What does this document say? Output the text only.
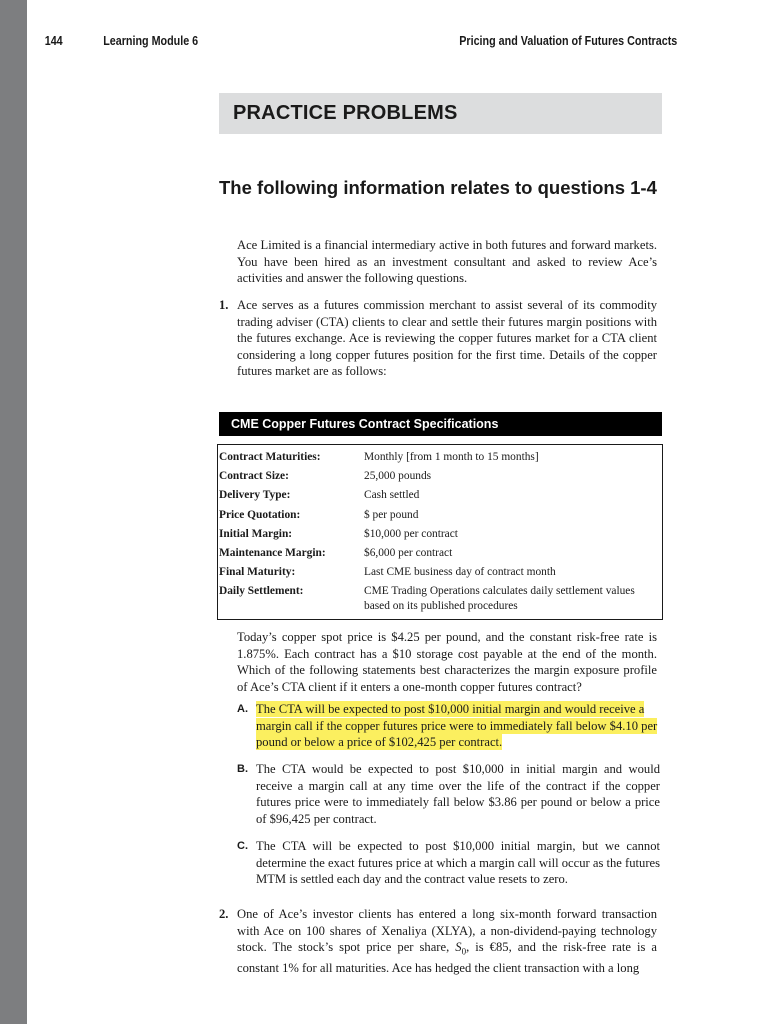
144	Learning Module 6	Pricing and Valuation of Futures Contracts
PRACTICE PROBLEMS
The following information relates to questions 1-4
Ace Limited is a financial intermediary active in both futures and forward markets. You have been hired as an investment consultant and asked to review Ace’s activities and answer the following questions.
1. Ace serves as a futures commission merchant to assist several of its commodity trading adviser (CTA) clients to clear and settle their futures margin positions with the futures exchange. Ace is reviewing the copper futures market for a CTA client considering a long copper futures position for the first time. Details of the copper futures market are as follows:
CME Copper Futures Contract Specifications
Contract Maturities:	Monthly [from 1 month to 15 months]
Contract Size:	25,000 pounds
Delivery Type:	Cash settled
Price Quotation:	$ per pound
Initial Margin:	$10,000 per contract
Maintenance Margin:	$6,000 per contract
Final Maturity:	Last CME business day of contract month
Daily Settlement:	CME Trading Operations calculates daily settlement values based on its published procedures
Today’s copper spot price is $4.25 per pound, and the constant risk-free rate is 1.875%. Each contract has a $10 storage cost payable at the end of the month. Which of the following statements best characterizes the margin exposure profile of Ace’s CTA client if it enters a one-month copper futures contract?
A. The CTA will be expected to post $10,000 initial margin and would receive a margin call if the copper futures price were to immediately fall below $4.10 per pound or below a price of $102,425 per contract.
B. The CTA would be expected to post $10,000 in initial margin and would receive a margin call at any time over the life of the contract if the copper futures price were to immediately fall below $3.86 per pound or below a price of $96,425 per contract.
C. The CTA will be expected to post $10,000 initial margin, but we cannot determine the exact futures price at which a margin call will occur as the futures MTM is settled each day and the contract value resets to zero.
2. One of Ace’s investor clients has entered a long six-month forward transaction with Ace on 100 shares of Xenaliya (XLYA), a non-dividend-paying technology stock. The stock’s spot price per share, $S_0$, is €85, and the risk-free rate is a constant 1% for all maturities. Ace has hedged the client transaction with a long
